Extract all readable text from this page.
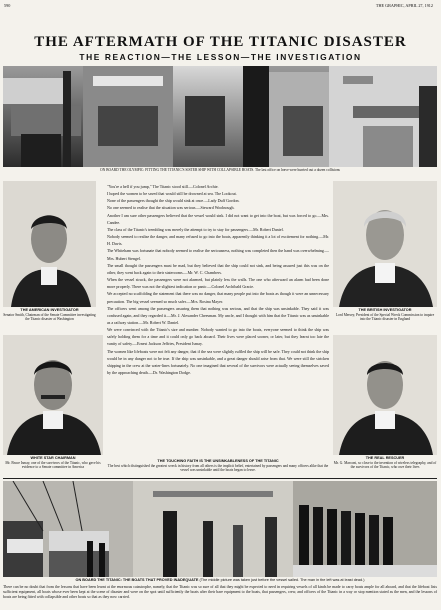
590	THE GRAPHIC, APRIL 27, 1912
THE AFTERMATH OF THE TITANIC DISASTER
THE REACTION—THE LESSON—THE INVESTIGATION
ON BOARD THE OLYMPIC: FITTING THE TITANIC'S SISTER SHIP WITH COLLAPSIBLE BOATS. The last office on leave were hurried out a dozen collisions
THE AMERICAN INVESTIGATOR
Senator Smith, Chairman of the Senate Committee investigating the Titanic disaster at Washington
THE BRITISH INVESTIGATOR
Lord Mersey, President of the Special Wreck Commission to inquire into the Titanic disaster in England
WHITE STAR CHAIRMAN
Mr. Bruce Ismay, one of the survivors of the Titanic, who gave his evidence to a Senate committee in America
THE REAL RESCUER
Mr. G. Marconi, so close to the invention of wireless telegraphy, and of the survivors of the Titanic, who owe their lives

"You're a hell if you jump," The Titanic stood still.—Colonel Archie.

I hoped the women to be saved that would still be drowned at sea. The Lookout.

None of the passengers thought the ship would sink at once.—Lady Duff Gordon.

No one seemed to realise that the situation was serious.—Steward Woolnough.

Another I am sure other passengers believed that the vessel would sink. I did not want to get into the boat, but was forced to go.—Mrs. Candee.

The class of the Titanic's trembling was merely the attempt to try to stay for passengers.—Mr. Robert Daniel.

Nobody seemed to realise the danger, and many refused to go into the boats, apparently thinking it a lot of excitement for nothing.—Mr. H. Davis.

The Whiteham was fortunate that nobody seemed to realise the seriousness, nothing was completed then the hand was overwhelming.—Mrs. Hubert Stengel.

The small thought the passengers must be mad, but they believed that the ship could not sink, and being assured just this was on the other, they went back again to their staterooms.—Mr. W. C. Chambers.

When the vessel struck, the passengers were not alarmed, but plainly less the walls. The one who afterward an alarm had been done more properly. There was not the slightest indication or panic.—Colonel Archibald Gracie.

We accepted no scaffolding the statement that there was no danger, that many people put into the boats as though it were an unnecessary precaution. The big vessel seemed so much safer.—Mrs. Rosina Mayer.

The officers went among the passengers assuring them that nothing was serious, and that the ship was unsinkable. They said it was confused again, and they regarded it.—Mr. J. Alexander Cheesman. My uncle, and I thought with him that the Titanic was as unsinkable as a railway station.—Mr. Robert W. Daniel.

We were convinced with the Titanic's size and number. Nobody wanted to go into the boats, everyone seemed to think the ship was safely holding them for a time and it could only go back aboard. Their lives were placed sooner, or later, but they learnt too late the vanity of safety.—Ernest Jackson Jeffries, President Ismay.

The women like lifeboats were not felt any danger, that if the sea were slightly ruffled the ship will be safe. They could not think the ship would be in any danger not to be true. If the ship was unsinkable, and a great danger should arise from that. We were still the stricken shipping in the crew at the water-lines fortunately. No one imagined that several of the survivors were actually seeing themselves saved by the approaching death.—Dr. Washington Dodge.

THE TOUCHING FAITH IS THE UNSINKABLENESS OF THE TITANIC
The best which distinguished the greatest wreck in history from all others is the implicit belief, entertained by passengers and many officers alike that the vessel was unsinkable until the boats began to leave.
ON BOARD THE TITANIC: THE BOATS THAT PROVED INADEQUATE (The middle picture was taken just before the vessel sailed. The man in the left was at least dead.)
There can be no doubt that from the lessons that have been learnt at the enormous catastrophe, namely, that the Titanic was so sure of all that they might be expected to need in requiring vessels of all kinds be made to carry boats ample for all aboard, and that the lifeboat lists sufficient equipment, all boats whose ever been kept at the scene of disaster and were on the spot until sufficiently the boats after their bare equipment to the boats, that passengers, crew, and officers of the Titanic in a way or stop mention stated as the men, and the lessons of boats are being fitted with collapsible and other boats so that as they now carried.
